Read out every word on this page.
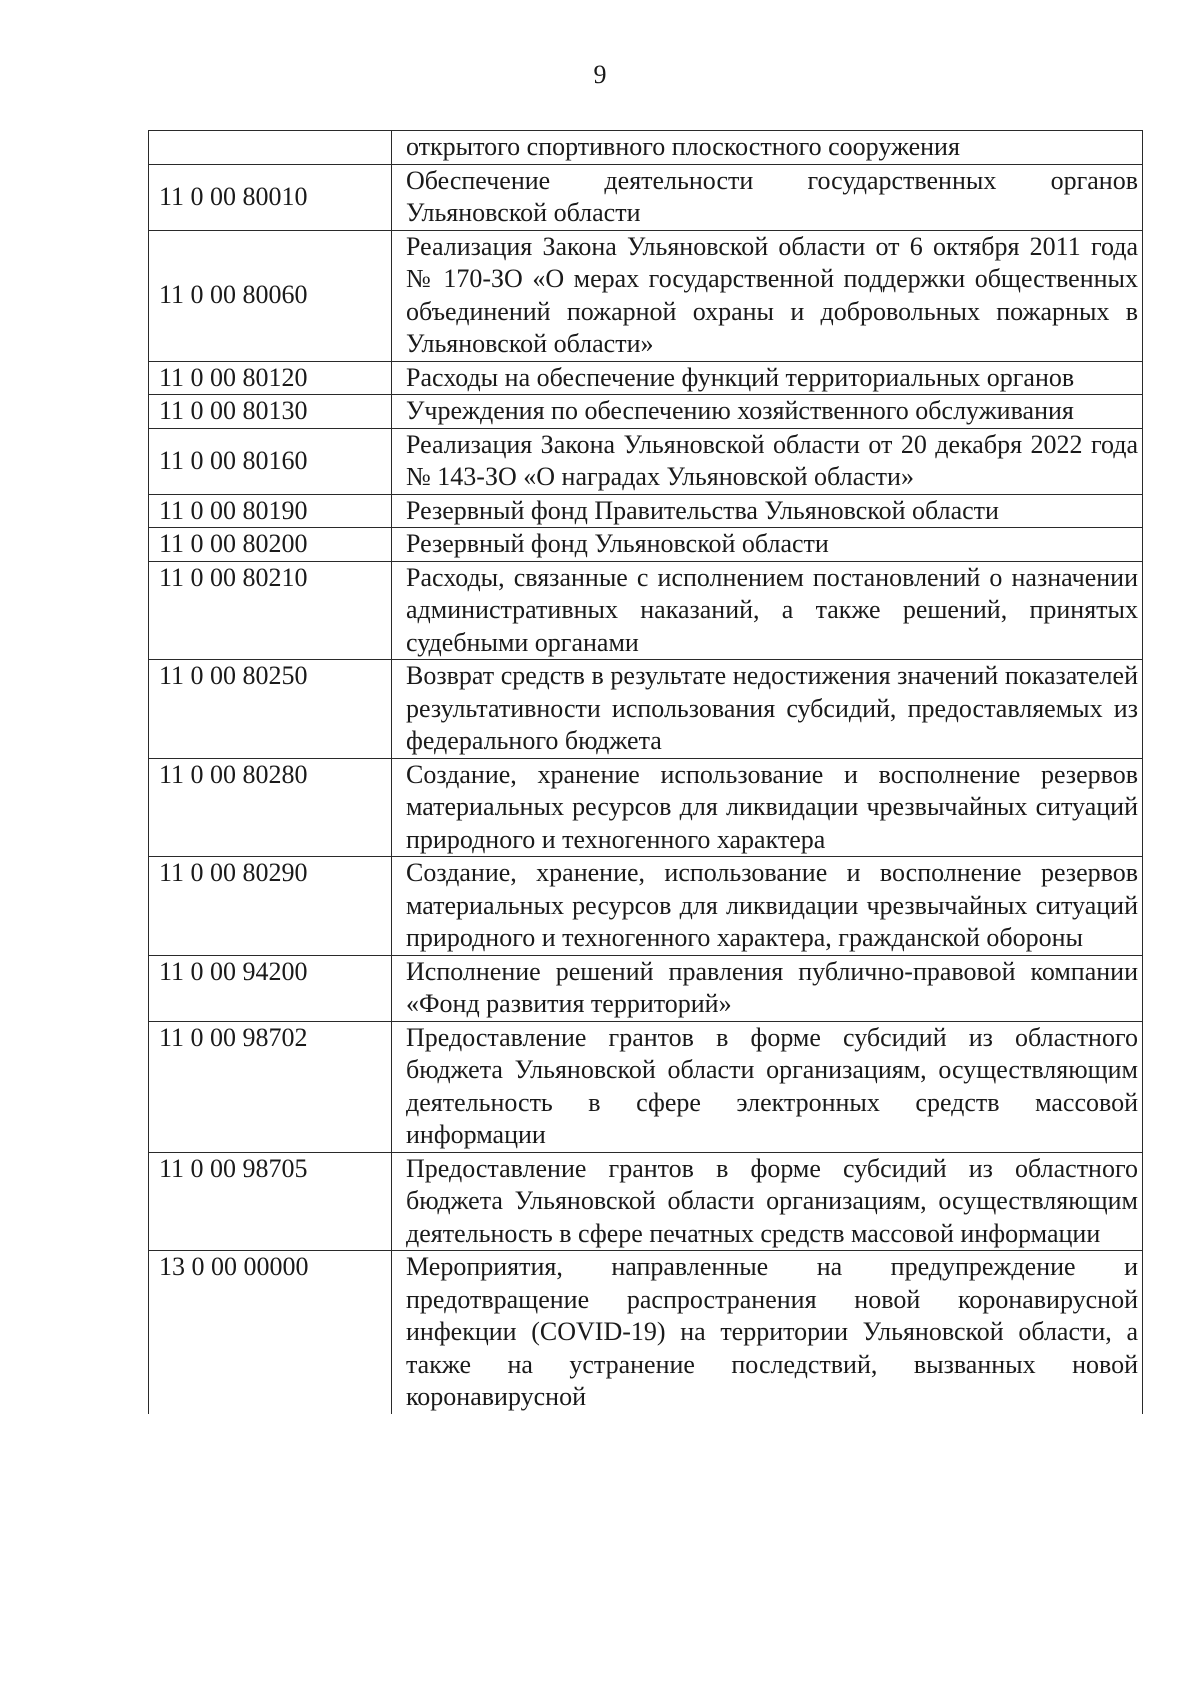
9
	открытого спортивного плоскостного сооружения
11 0 00 80010	Обеспечение деятельности государственных органов Ульяновской области
11 0 00 80060	Реализация Закона Ульяновской области от 6 октября 2011 года № 170-ЗО «О мерах государственной поддержки общественных объединений пожарной охраны и добровольных пожарных в Ульяновской области»
11 0 00 80120	Расходы на обеспечение функций территориальных органов
11 0 00 80130	Учреждения по обеспечению хозяйственного обслуживания
11 0 00 80160	Реализация Закона Ульяновской области от 20 декабря 2022 года № 143-ЗО «О наградах Ульяновской области»
11 0 00 80190	Резервный фонд Правительства Ульяновской области
11 0 00 80200	Резервный фонд Ульяновской области
11 0 00 80210	Расходы, связанные с исполнением постановлений о назначении административных наказаний, а также решений, принятых судебными органами
11 0 00 80250	Возврат средств в результате недостижения значений показателей результативности использования субсидий, предоставляемых из федерального бюджета
11 0 00 80280	Создание, хранение использование и восполнение резервов материальных ресурсов для ликвидации чрезвычайных ситуаций природного и техногенного характера
11 0 00 80290	Создание, хранение, использование и восполнение резервов материальных ресурсов для ликвидации чрезвычайных ситуаций природного и техногенного характера, гражданской обороны
11 0 00 94200	Исполнение решений правления публично-правовой компании «Фонд развития территорий»
11 0 00 98702	Предоставление грантов в форме субсидий из областного бюджета Ульяновской области организациям, осуществляющим деятельность в сфере электронных средств массовой информации
11 0 00 98705	Предоставление грантов в форме субсидий из областного бюджета Ульяновской области организациям, осуществляющим деятельность в сфере печатных средств массовой информации
13 0 00 00000	Мероприятия, направленные на предупреждение и предотвращение распространения новой коронавирусной инфекции (COVID-19) на территории Ульяновской области, а также на устранение последствий, вызванных новой коронавирусной
